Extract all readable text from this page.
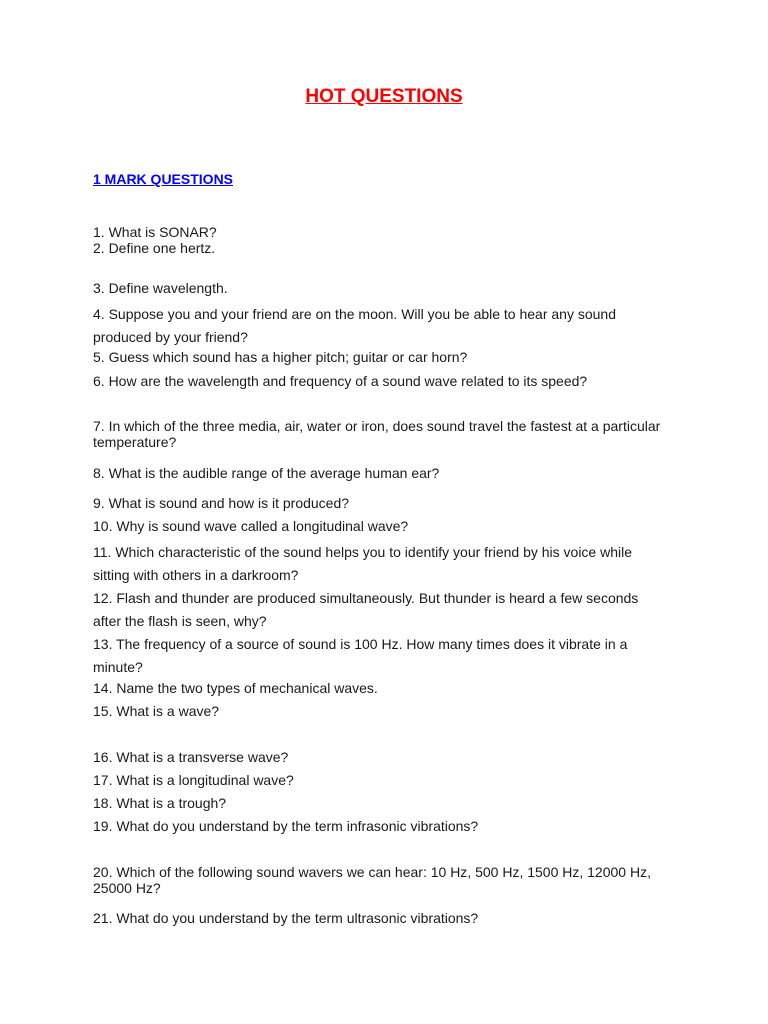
HOT QUESTIONS
1 MARK QUESTIONS

1. What is SONAR?

2. Define one hertz.

3. Define wavelength.

4. Suppose you and your friend are on the moon. Will you be able to hear any sound
produced by your friend?

5. Guess which sound has a higher pitch; guitar or car horn?

6. How are the wavelength and frequency of a sound wave related to its speed?

7. In which of the three media, air, water or iron, does sound travel the fastest at a particular
temperature?

8. What is the audible range of the average human ear?

9. What is sound and how is it produced?

10. Why is sound wave called a longitudinal wave?

11. Which characteristic of the sound helps you to identify your friend by his voice while
sitting with others in a darkroom?

12. Flash and thunder are produced simultaneously. But thunder is heard a few seconds
after the flash is seen, why?

13. The frequency of a source of sound is 100 Hz. How many times does it vibrate in a
minute?

14. Name the two types of mechanical waves.

15. What is a wave?

16. What is a transverse wave?

17. What is a longitudinal wave?

18. What is a trough?

19. What do you understand by the term infrasonic vibrations?

20. Which of the following sound wavers we can hear: 10 Hz, 500 Hz, 1500 Hz, 12000 Hz,
25000 Hz?

21. What do you understand by the term ultrasonic vibrations?
